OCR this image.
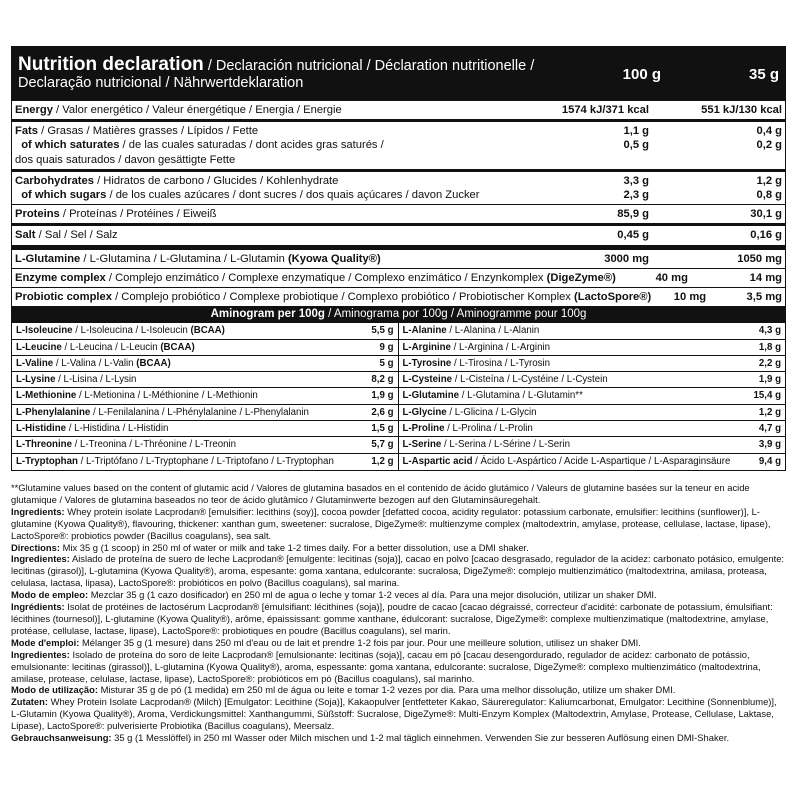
Nutrition declaration / Declaración nutricional / Déclaration nutritionelle / Declaração nutricional / Nährwertdeklaration
100 g	35 g
Energy / Valor energético / Valeur énergétique / Energia / Energie	1574 kJ/371 kcal	551 kJ/130 kcal
Fats / Grasas / Matières grasses / Lípidos / Fette	1,1 g	0,4 g
of which saturates / de las cuales saturadas / dont acides gras saturés /	0,5 g	0,2 g
dos quais saturados / davon gesättigte Fette
Carbohydrates / Hidratos de carbono / Glucides / Kohlenhydrate	3,3 g	1,2 g
of which sugars / de los cuales azúcares / dont sucres / dos quais açúcares / davon Zucker	2,3 g	0,8 g
Proteins / Proteínas / Protéines / Eiweiß	85,9 g	30,1 g
Salt / Sal / Sel / Salz	0,45 g	0,16 g
L-Glutamine / L-Glutamina / L-Glutamina / L-Glutamin (Kyowa Quality®)	3000 mg	1050 mg
Enzyme complex / Complejo enzimático / Complexe enzymatique / Complexo enzimático / Enzynkomplex (DigeZyme®)	40 mg	14 mg
Probiotic complex / Complejo probiótico / Complexe probiotique / Complexo probiótico / Probiotischer Komplex (LactoSpore®)	10 mg	3,5 mg
Aminogram per 100g / Aminograma por 100g / Aminogramme pour 100g
L-Isoleucine / L-Isoleucina / L-Isoleucin (BCAA)	5,5 g
L-Leucine / L-Leucina / L-Leucin (BCAA)	9 g
L-Valine / L-Valina / L-Valin (BCAA)	5 g
L-Lysine / L-Lisina / L-Lysin	8,2 g
L-Methionine / L-Metionina / L-Méthionine / L-Methionin	1,9 g
L-Phenylalanine / L-Fenilalanina / L-Phénylalanine / L-Phenylalanin	2,6 g
L-Histidine / L-Histidina / L-Histidin	1,5 g
L-Threonine / L-Treonina / L-Thréonine / L-Treonin	5,7 g
L-Tryptophan / L-Triptófano / L-Tryptophane / L-Triptofano / L-Tryptophan	1,2 g
L-Alanine / L-Alanina / L-Alanin	4,3 g
L-Arginine / L-Arginina / L-Arginin	1,8 g
L-Tyrosine / L-Tirosina / L-Tyrosin	2,2 g
L-Cysteine / L-Cisteína / L-Cystéine / L-Cystein	1,9 g
L-Glutamine / L-Glutamina / L-Glutamin**	15,4 g
L-Glycine / L-Glicina / L-Glycin	1,2 g
L-Proline / L-Prolina / L-Prolin	4,7 g
L-Serine / L-Serina / L-Sérine / L-Serin	3,9 g
L-Aspartic acid / Ácido L-Aspártico / Acide L-Aspartique / L-Asparaginsäure	9,4 g

**Glutamine values based on the content of glutamic acid / Valores de glutamina basados en el contenido de ácido glutámico / Valeurs de glutamine basées sur la teneur en acide glutamique / Valores de glutamina baseados no teor de ácido glutâmico / Glutaminwerte bezogen auf den Glutaminsäuregehalt.

Ingredients: Whey protein isolate Lacprodan® [emulsifier: lecithins (soy)], cocoa powder [defatted cocoa, acidity regulator: potassium carbonate, emulsifier: lecithins (sunflower)], L-glutamine (Kyowa Quality®), flavouring, thickener: xanthan gum, sweetener: sucralose, DigeZyme®: multienzyme complex (maltodextrin, amylase, protease, cellulase, lactase, lipase), LactoSpore®: probiotics powder (Bacillus coagulans), sea salt.

Directions: Mix 35 g (1 scoop) in 250 ml of water or milk and take 1-2 times daily. For a better dissolution, use a DMI shaker.

Ingredientes: Aislado de proteína de suero de leche Lacprodan® [emulgente: lecitinas (soja)], cacao en polvo [cacao desgrasado, regulador de la acidez: carbonato potásico, emulgente: lecitinas (girasol)], L-glutamina (Kyowa Quality®), aroma, espesante: goma xantana, edulcorante: sucralosa, DigeZyme®: complejo multienzimático (maltodextrina, amilasa, proteasa, celulasa, lactasa, lipasa), LactoSpore®: probióticos en polvo (Bacillus coagulans), sal marina.

Modo de empleo: Mezclar 35 g (1 cazo dosificador) en 250 ml de agua o leche y tomar 1-2 veces al día. Para una mejor disolución, utilizar un shaker DMI.

Ingrédients: Isolat de protéines de lactosérum Lacprodan® [émulsifiant: lécithines (soja)], poudre de cacao [cacao dégraissé, correcteur d'acidité: carbonate de potassium, émulsifiant: lécithines (tournesol)], L-glutamine (Kyowa Quality®), arôme, épaississant: gomme xanthane, édulcorant: sucralose, DigeZyme®: complexe multienzimatique (maltodextrine, amylase, protéase, cellulase, lactase, lipase), LactoSpore®: probiotiques en poudre (Bacillus coagulans), sel marin.

Mode d'emploi: Mélanger 35 g (1 mesure) dans 250 ml d'eau ou de lait et prendre 1-2 fois par jour. Pour une meilleure solution, utilisez un shaker DMI.

Ingredientes: Isolado de proteína do soro de leite Lacprodan® [emulsionante: lecitinas (soja)], cacau em pó [cacau desengordurado, regulador de acidez: carbonato de potássio, emulsionante: lecitinas (girassol)], L-glutamina (Kyowa Quality®), aroma, espessante: goma xantana, edulcorante: sucralose, DigeZyme®: complexo multienzimático (maltodextrina, amilase, protease, celulase, lactase, lipase), LactoSpore®: probióticos em pó (Bacillus coagulans), sal marinho.

Modo de utilização: Misturar 35 g de pó (1 medida) em 250 ml de água ou leite e tomar 1-2 vezes por dia. Para uma melhor dissolução, utilize um shaker DMI.

Zutaten: Whey Protein Isolate Lacprodan® (Milch) [Emulgator: Lecithine (Soja)], Kakaopulver [entfetteter Kakao, Säureregulator: Kaliumcarbonat, Emulgator: Lecithine (Sonnenblume)], L-Glutamin (Kyowa Quality®), Aroma, Verdickungsmittel: Xanthangummi, Süßstoff: Sucralose, DigeZyme®: Multi-Enzym Komplex (Maltodextrin, Amylase, Protease, Cellulase, Laktase, Lipase), LactoSpore®: pulverisierte Probiotika (Bacillus coagulans), Meersalz.

Gebrauchsanweisung: 35 g (1 Messlöffel) in 250 ml Wasser oder Milch mischen und 1-2 mal täglich einnehmen. Verwenden Sie zur besseren Auflösung einen DMI-Shaker.
